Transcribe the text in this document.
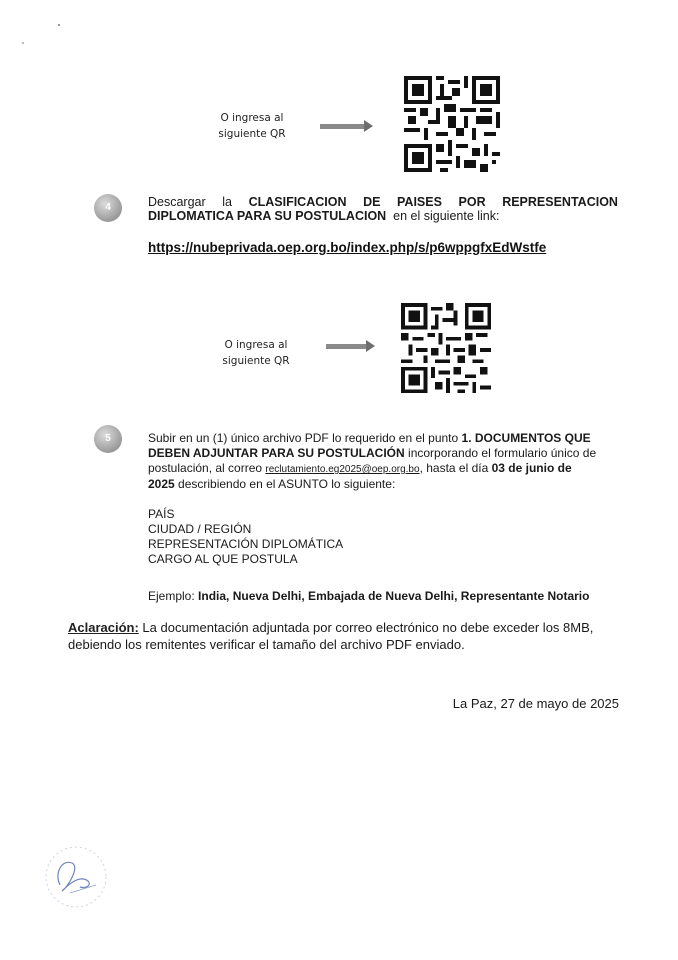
O ingresa al
siguiente QR
4	Descargar la CLASIFICACION DE PAISES POR REPRESENTACION
DIPLOMATICA PARA SU POSTULACION en el siguiente link:
https://nubeprivada.oep.org.bo/index.php/s/p6wppgfxEdWstfe
O ingresa al
siguiente QR
5	Subir en un (1) único archivo PDF lo requerido en el punto 1. DOCUMENTOS QUE
DEBEN ADJUNTAR PARA SU POSTULACIÓN incorporando el formulario único de
postulación, al correo reclutamiento.eg2025@oep.org.bo, hasta el día 03 de junio de
2025 describiendo en el ASUNTO lo siguiente:
PAÍS
CIUDAD / REGIÓN
REPRESENTACIÓN DIPLOMÁTICA
CARGO AL QUE POSTULA
Ejemplo: India, Nueva Delhi, Embajada de Nueva Delhi, Representante Notario
Aclaración: La documentación adjuntada por correo electrónico no debe exceder los 8MB,
debiendo los remitentes verificar el tamaño del archivo PDF enviado.
La Paz, 27 de mayo de 2025
